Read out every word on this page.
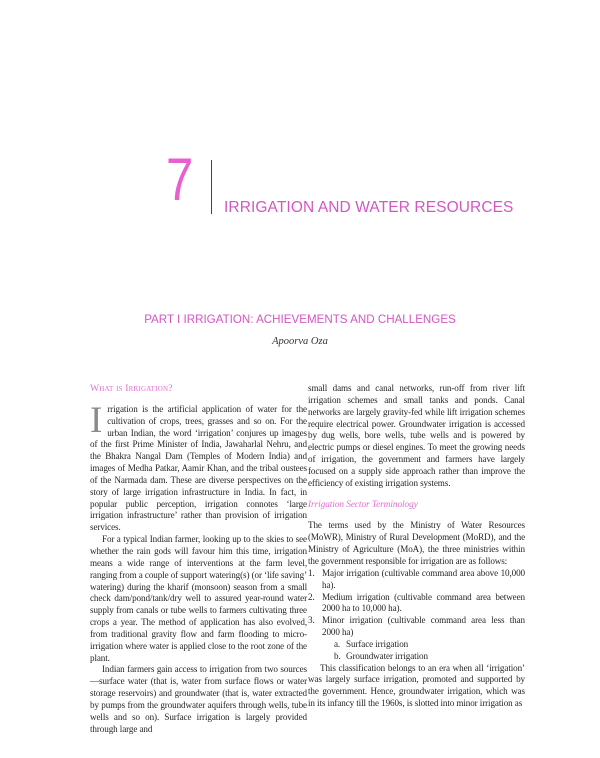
7	IRRIGATION AND WATER RESOURCES
PART I IRRIGATION: ACHIEVEMENTS AND CHALLENGES
Apoorva Oza
What is Irrigation?

Irrigation is the artificial application of water for the cultivation of crops, trees, grasses and so on. For the urban Indian, the word ‘irrigation’ conjures up images of the first Prime Minister of India, Jawaharlal Nehru, and the Bhakra Nangal Dam (Temples of Modern India) and images of Medha Patkar, Aamir Khan, and the tribal oustees of the Narmada dam. These are diverse perspectives on the story of large irrigation infrastructure in India. In fact, in popular public perception, irrigation connotes ‘large irrigation infrastructure’ rather than provision of irrigation services.

For a typical Indian farmer, looking up to the skies to see whether the rain gods will favour him this time, irrigation means a wide range of interventions at the farm level, ranging from a couple of support watering(s) (or ‘life saving’ watering) during the kharif (monsoon) season from a small check dam/pond/tank/dry well to assured year-round water supply from canals or tube wells to farmers cultivating three crops a year. The method of application has also evolved, from traditional gravity flow and farm flooding to micro-irrigation where water is applied close to the root zone of the plant.

Indian farmers gain access to irrigation from two sources—surface water (that is, water from surface flows or water storage reservoirs) and groundwater (that is, water extracted by pumps from the groundwater aquifers through wells, tube wells and so on). Surface irrigation is largely provided through large and

small dams and canal networks, run-off from river lift irrigation schemes and small tanks and ponds. Canal networks are largely gravity-fed while lift irrigation schemes require electrical power. Groundwater irrigation is accessed by dug wells, bore wells, tube wells and is powered by electric pumps or diesel engines. To meet the growing needs of irrigation, the government and farmers have largely focused on a supply side approach rather than improve the efficiency of existing irrigation systems.

Irrigation Sector Terminology

The terms used by the Ministry of Water Resources (MoWR), Ministry of Rural Development (MoRD), and the Ministry of Agriculture (MoA), the three ministries within the government responsible for irrigation are as follows:

1. Major irrigation (cultivable command area above 10,000 ha).
2. Medium irrigation (cultivable command area between 2000 ha to 10,000 ha).
3. Minor irrigation (cultivable command area less than 2000 ha)
a. Surface irrigation
b. Groundwater irrigation

This classification belongs to an era when all ‘irrigation’ was largely surface irrigation, promoted and supported by the government. Hence, groundwater irrigation, which was in its infancy till the 1960s, is slotted into minor irrigation as
